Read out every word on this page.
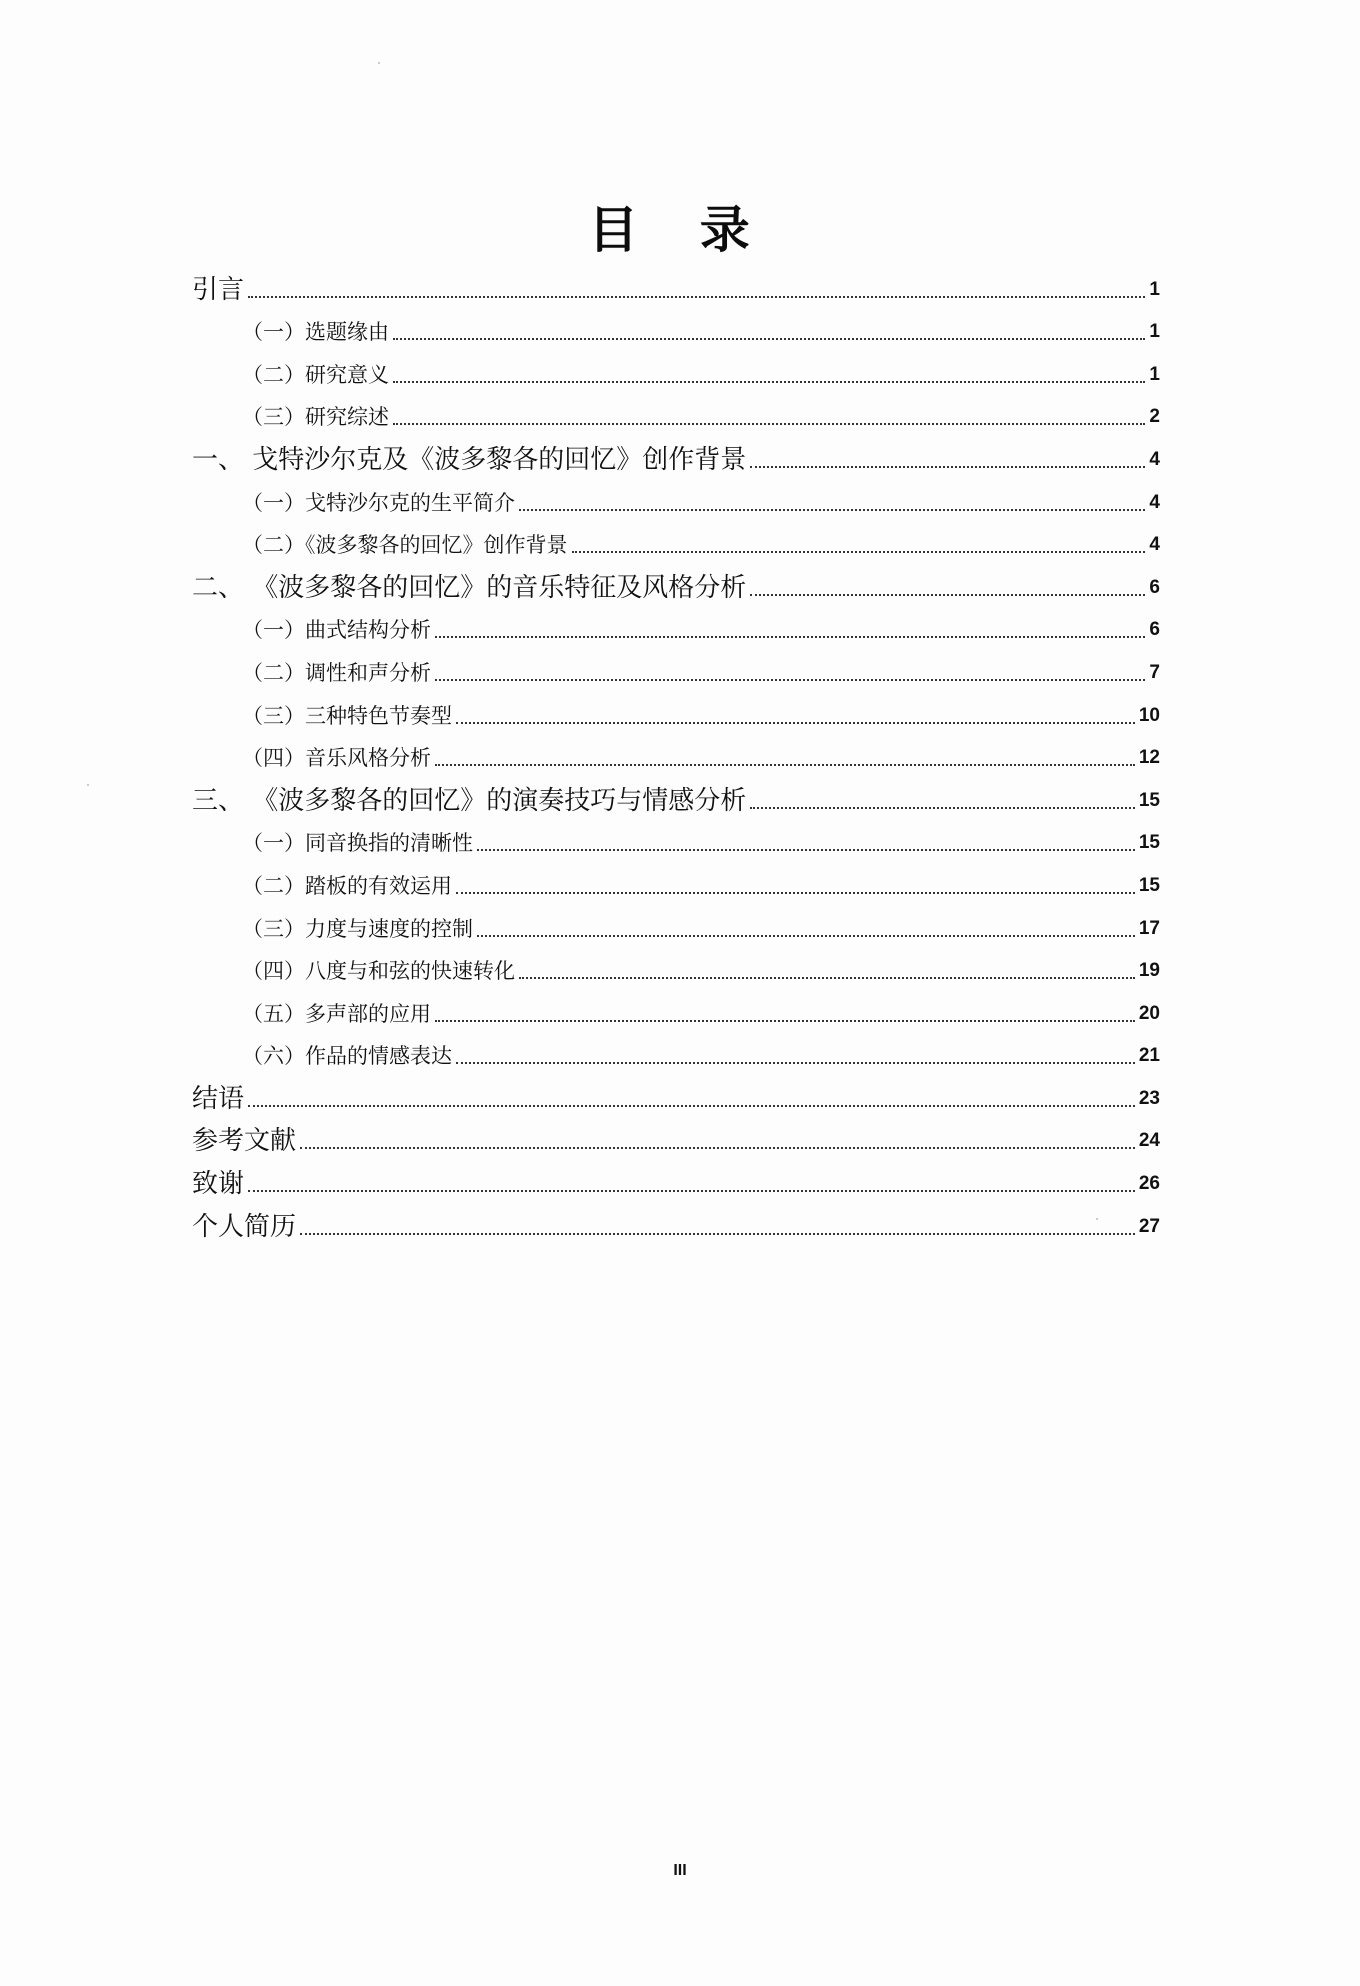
目 录
引言	1
（一）选题缘由	1
（二）研究意义	1
（三）研究综述	2
一、 戈特沙尔克及《波多黎各的回忆》创作背景	4
（一）戈特沙尔克的生平简介	4
（二）《波多黎各的回忆》创作背景	4
二、 《波多黎各的回忆》的音乐特征及风格分析	6
（一）曲式结构分析	6
（二）调性和声分析	7
（三）三种特色节奏型	10
（四）音乐风格分析	12
三、 《波多黎各的回忆》的演奏技巧与情感分析	15
（一）同音换指的清晰性	15
（二）踏板的有效运用	15
（三）力度与速度的控制	17
（四）八度与和弦的快速转化	19
（五）多声部的应用	20
（六）作品的情感表达	21
结语	23
参考文献	24
致谢	26
个人简历	27
III
